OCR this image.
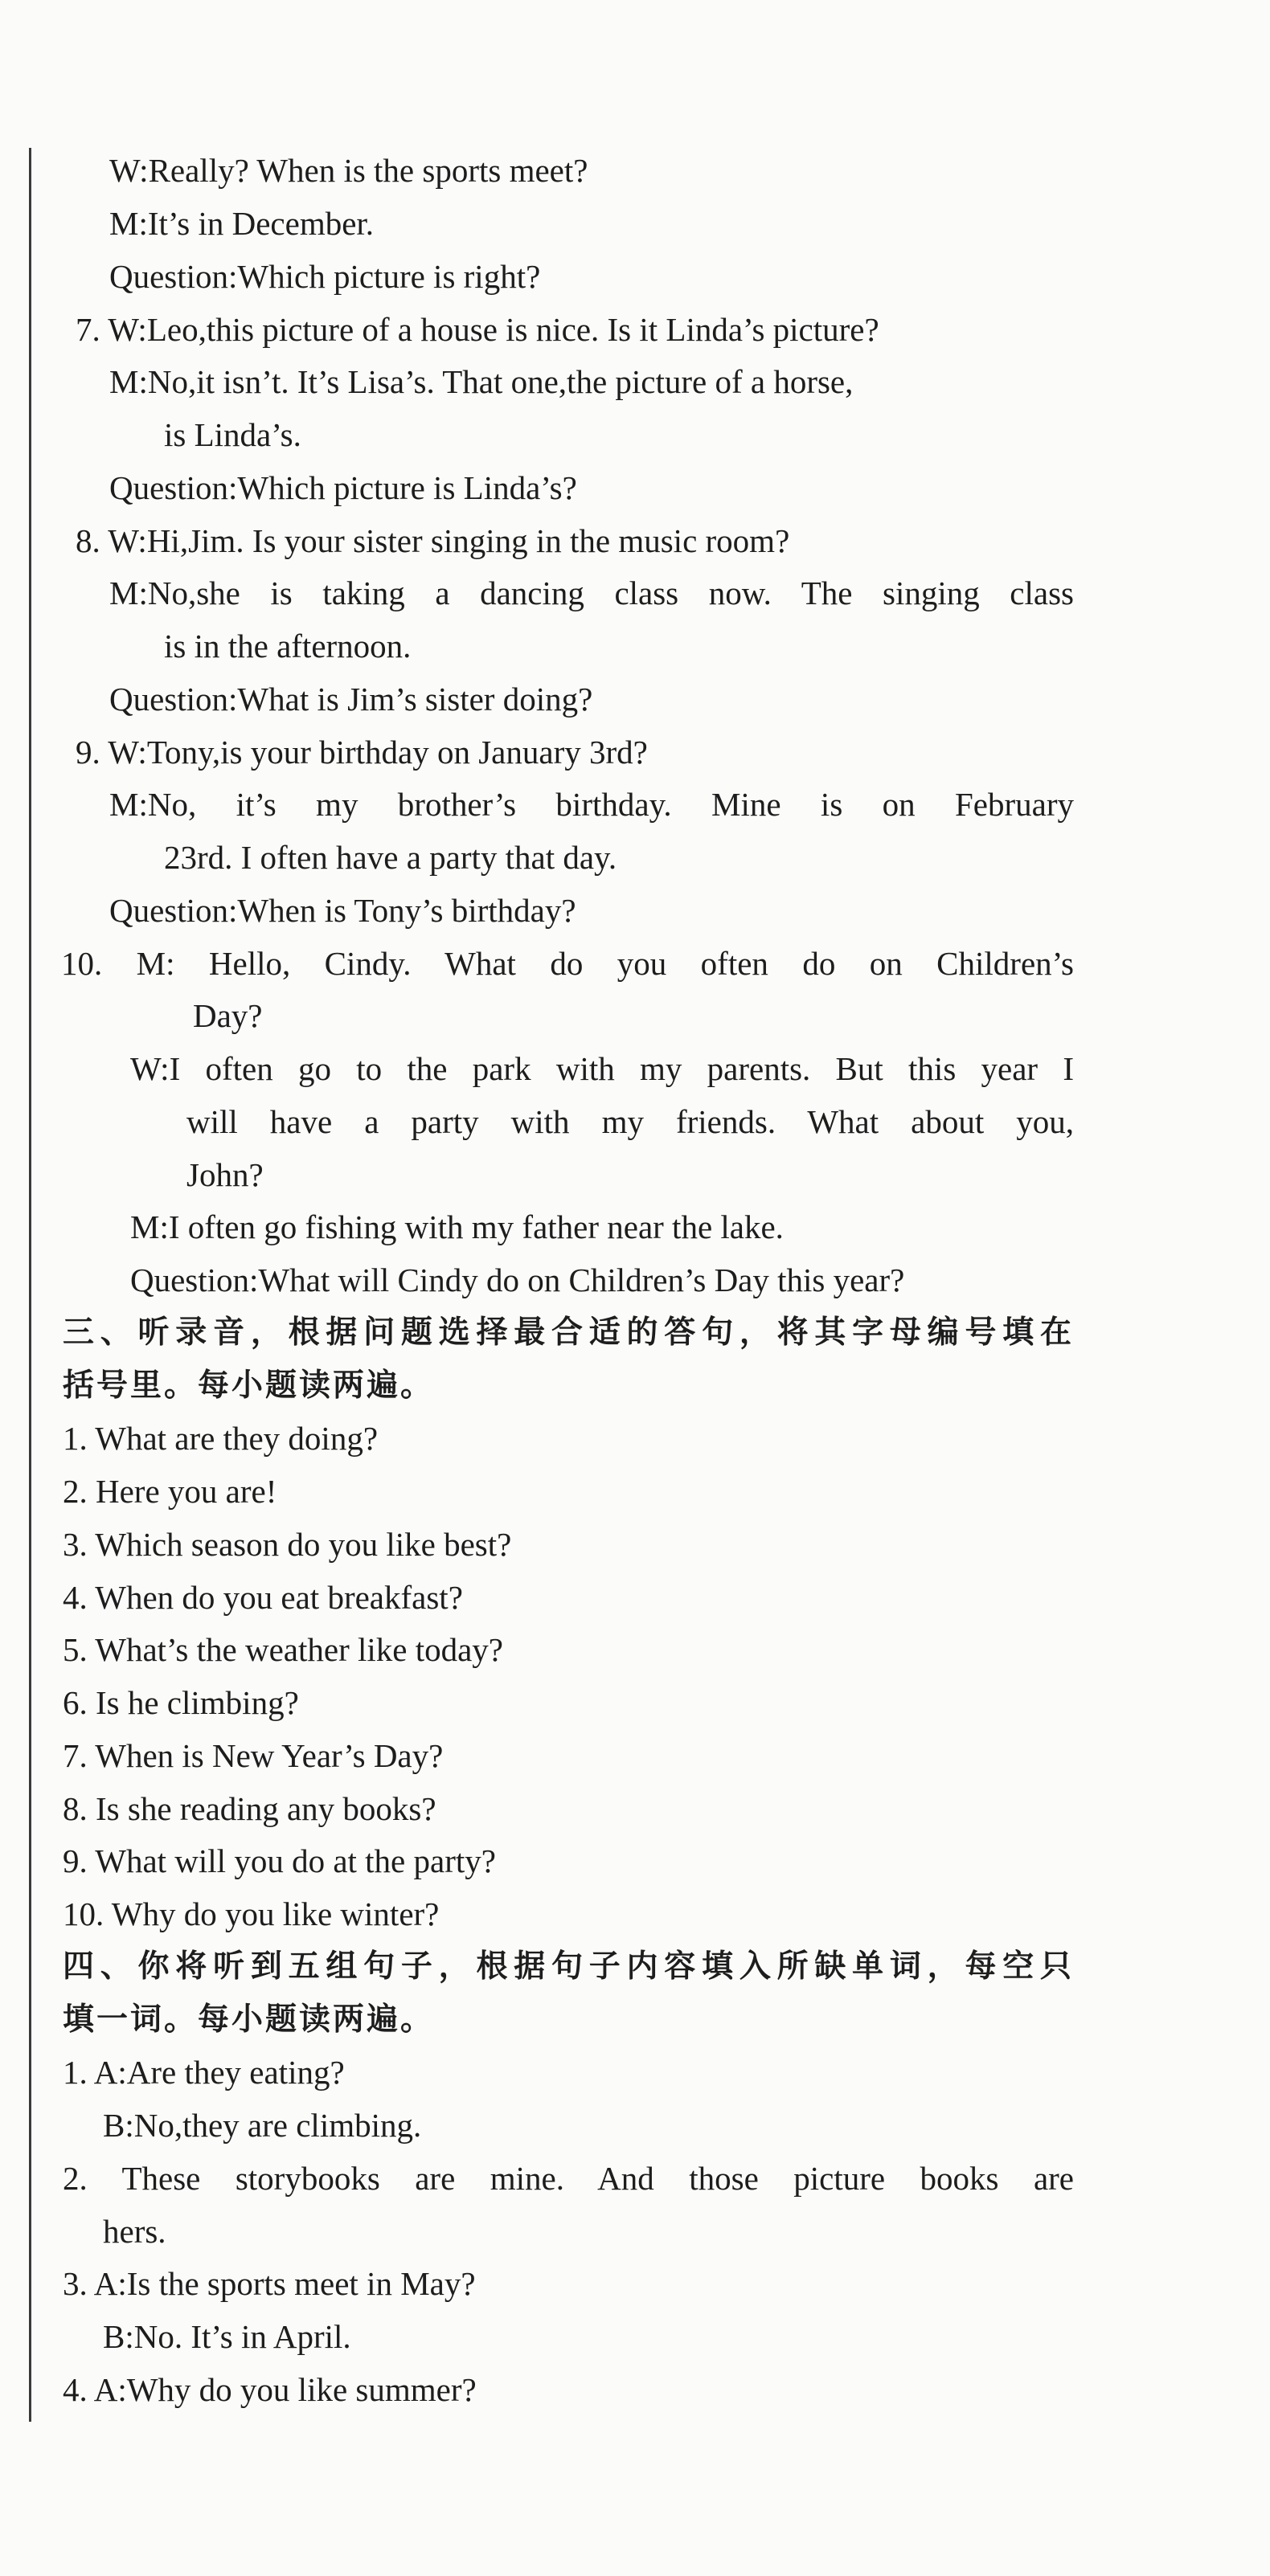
W:Really? When is the sports meet?
M:It’s in December.
Question:Which picture is right?
7. W:Leo,this picture of a house is nice. Is it Linda’s picture?
M:No,it isn’t. It’s Lisa’s. That one,the picture of a horse,
is Linda’s.
Question:Which picture is Linda’s?
8. W:Hi,Jim. Is your sister singing in the music room?
M:No,she is taking a dancing class now. The singing class
is in the afternoon.
Question:What is Jim’s sister doing?
9. W:Tony,is your birthday on January 3rd?
M:No, it’s my brother’s birthday. Mine is on February
23rd. I often have a party that day.
Question:When is Tony’s birthday?
10. M: Hello, Cindy. What do you often do on Children’s
Day?
W:I often go to the park with my parents. But this year I
will have a party with my friends. What about you,
John?
M:I often go fishing with my father near the lake.
Question:What will Cindy do on Children’s Day this year?
三、听录音，根据问题选择最合适的答句，将其字母编号填在
括号里。每小题读两遍。
1. What are they doing?
2. Here you are!
3. Which season do you like best?
4. When do you eat breakfast?
5. What’s the weather like today?
6. Is he climbing?
7. When is New Year’s Day?
8. Is she reading any books?
9. What will you do at the party?
10. Why do you like winter?
四、你将听到五组句子，根据句子内容填入所缺单词，每空只
填一词。每小题读两遍。
1. A:Are they eating?
B:No,they are climbing.
2. These storybooks are mine. And those picture books are
hers.
3. A:Is the sports meet in May?
B:No. It’s in April.
4. A:Why do you like summer?
